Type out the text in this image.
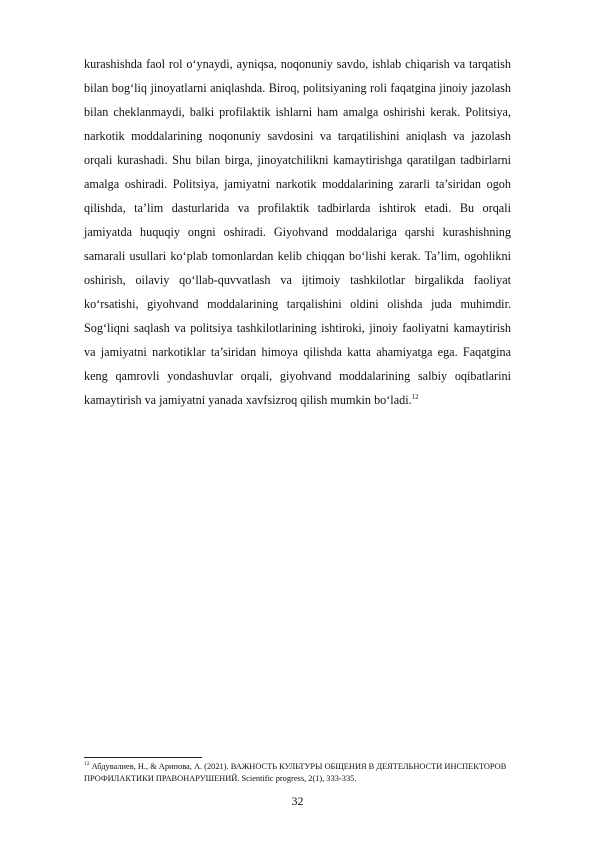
kurashishda faol rol o‘ynaydi, ayniqsa, noqonuniy savdo, ishlab chiqarish va tarqatish bilan bog‘liq jinoyatlarni aniqlashda. Biroq, politsiyaning roli faqatgina jinoiy jazolash bilan cheklanmaydi, balki profilaktik ishlarni ham amalga oshirishi kerak. Politsiya, narkotik moddalarining noqonuniy savdosini va tarqatilishini aniqlash va jazolash orqali kurashadi. Shu bilan birga, jinoyatchilikni kamaytirishga qaratilgan tadbirlarni amalga oshiradi. Politsiya, jamiyatni narkotik moddalarining zararli ta’siridan ogoh qilishda, ta’lim dasturlarida va profilaktik tadbirlarda ishtirok etadi. Bu orqali jamiyatda huquqiy ongni oshiradi. Giyohvand moddalariga qarshi kurashishning samarali usullari ko‘plab tomonlardan kelib chiqqan bo‘lishi kerak. Ta’lim, ogohlikni oshirish, oilaviy qo‘llab-quvvatlash va ijtimoiy tashkilotlar birgalikda faoliyat ko‘rsatishi, giyohvand moddalarining tarqalishini oldini olishda juda muhimdir. Sog‘liqni saqlash va politsiya tashkilotlarining ishtiroki, jinoiy faoliyatni kamaytirish va jamiyatni narkotiklar ta’siridan himoya qilishda katta ahamiyatga ega. Faqatgina keng qamrovli yondashuvlar orqali, giyohvand moddalarining salbiy oqibatlarini kamaytirish va jamiyatni yanada xavfsizroq qilish mumkin bo‘ladi.$^{12}$

$^{12}$ Абдувалиев, Н., & Арипова, А. (2021). ВАЖНОСТЬ КУЛЬТУРЫ ОБЩЕНИЯ В ДЕЯТЕЛЬНОСТИ ИНСПЕКТОРОВ ПРОФИЛАКТИКИ ПРАВОНАРУШЕНИЙ. Scientific progress, 2(1), 333-335.

32
